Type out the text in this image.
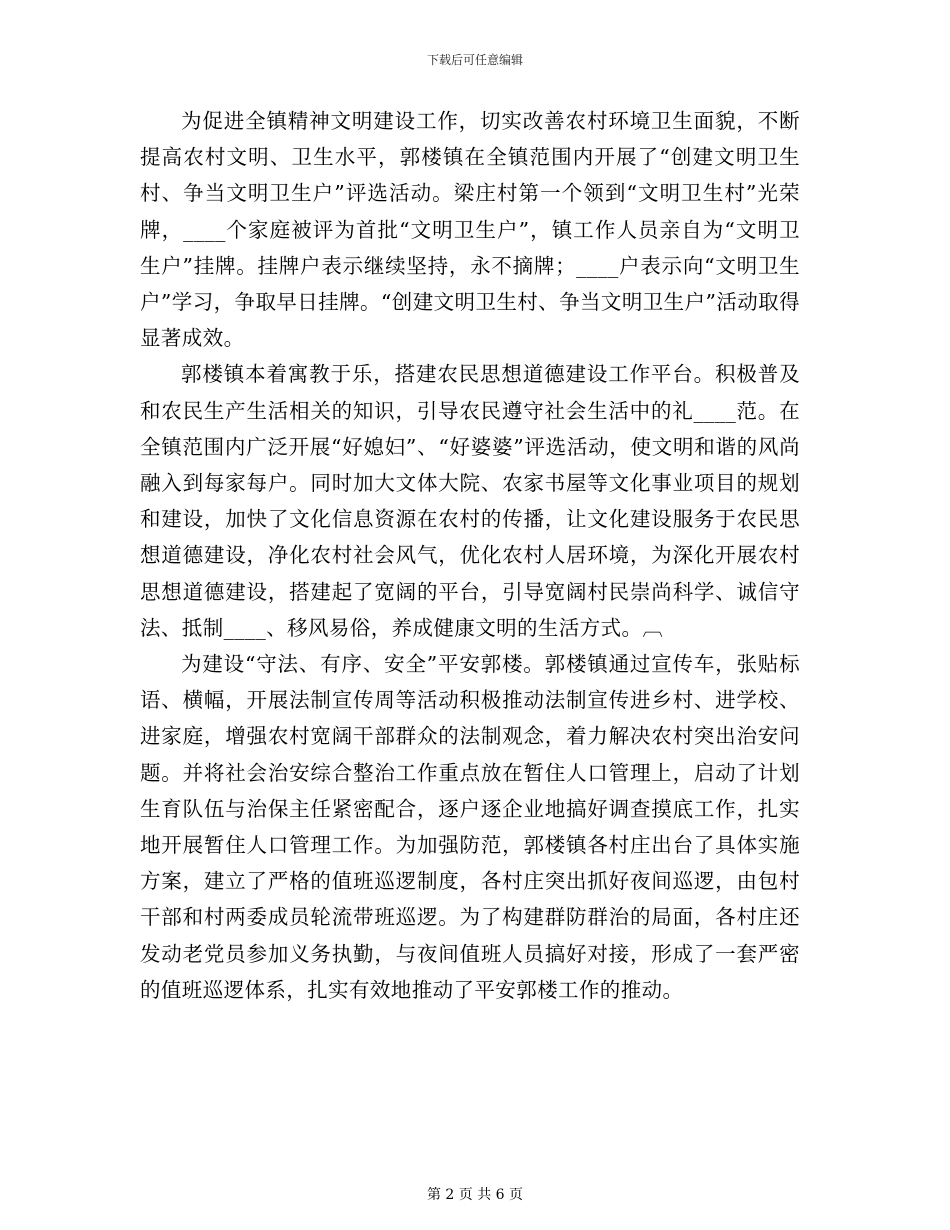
下载后可任意编辑

为促进全镇精神文明建设工作，切实改善农村环境卫生面貌，不断提高农村文明、卫生水平，郭楼镇在全镇范围内开展了“创建文明卫生村、争当文明卫生户”评选活动。梁庄村第一个领到“文明卫生村”光荣牌，____个家庭被评为首批“文明卫生户”，镇工作人员亲自为“文明卫生户”挂牌。挂牌户表示继续坚持，永不摘牌；____户表示向“文明卫生户”学习，争取早日挂牌。“创建文明卫生村、争当文明卫生户”活动取得显著成效。

郭楼镇本着寓教于乐，搭建农民思想道德建设工作平台。积极普及和农民生产生活相关的知识，引导农民遵守社会生活中的礼____范。在全镇范围内广泛开展“好媳妇”、“好婆婆”评选活动，使文明和谐的风尚融入到每家每户。同时加大文体大院、农家书屋等文化事业项目的规划和建设，加快了文化信息资源在农村的传播，让文化建设服务于农民思想道德建设，净化农村社会风气，优化农村人居环境，为深化开展农村思想道德建设，搭建起了宽阔的平台，引导宽阔村民崇尚科学、诚信守法、抵制____、移风易俗，养成健康文明的生活方式。︹

为建设“守法、有序、安全”平安郭楼。郭楼镇通过宣传车，张贴标语、横幅，开展法制宣传周等活动积极推动法制宣传进乡村、进学校、进家庭，增强农村宽阔干部群众的法制观念，着力解决农村突出治安问题。并将社会治安综合整治工作重点放在暂住人口管理上，启动了计划生育队伍与治保主任紧密配合，逐户逐企业地搞好调查摸底工作，扎实地开展暂住人口管理工作。为加强防范，郭楼镇各村庄出台了具体实施方案，建立了严格的值班巡逻制度，各村庄突出抓好夜间巡逻，由包村干部和村两委成员轮流带班巡逻。为了构建群防群治的局面，各村庄还发动老党员参加义务执勤，与夜间值班人员搞好对接，形成了一套严密的值班巡逻体系，扎实有效地推动了平安郭楼工作的推动。

第 2 页 共 6 页
